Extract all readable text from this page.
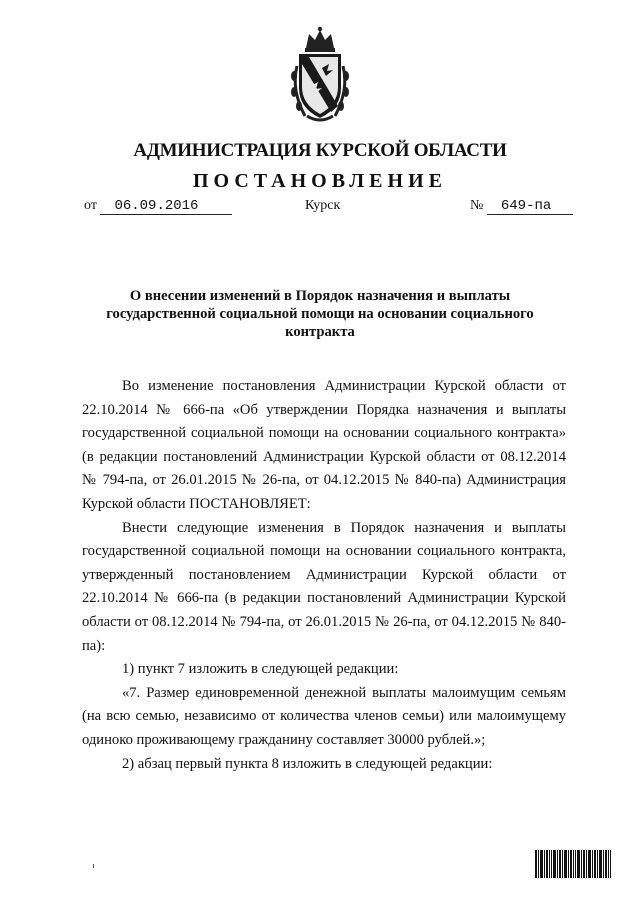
АДМИНИСТРАЦИЯ КУРСКОЙ ОБЛАСТИ
ПОСТАНОВЛЕНИЕ
от 06.09.2016	Курск	№ 649-па
О внесении изменений в Порядок назначения и выплаты государственной социальной помощи на основании социального контракта

Во изменение постановления Администрации Курской области от 22.10.2014 № 666-па «Об утверждении Порядка назначения и выплаты государственной социальной помощи на основании социального контракта» (в редакции постановлений Администрации Курской области от 08.12.2014 № 794-па, от 26.01.2015 № 26-па, от 04.12.2015 № 840-па) Администрация Курской области ПОСТАНОВЛЯЕТ:

Внести следующие изменения в Порядок назначения и выплаты государственной социальной помощи на основании социального контракта, утвержденный постановлением Администрации Курской области от 22.10.2014 № 666-па (в редакции постановлений Администрации Курской области от 08.12.2014 № 794-па, от 26.01.2015 № 26-па, от 04.12.2015 № 840-па):

1) пункт 7 изложить в следующей редакции:

«7. Размер единовременной денежной выплаты малоимущим семьям (на всю семью, независимо от количества членов семьи) или малоимущему одиноко проживающему гражданину составляет 30000 рублей.»;

2) абзац первый пункта 8 изложить в следующей редакции:
